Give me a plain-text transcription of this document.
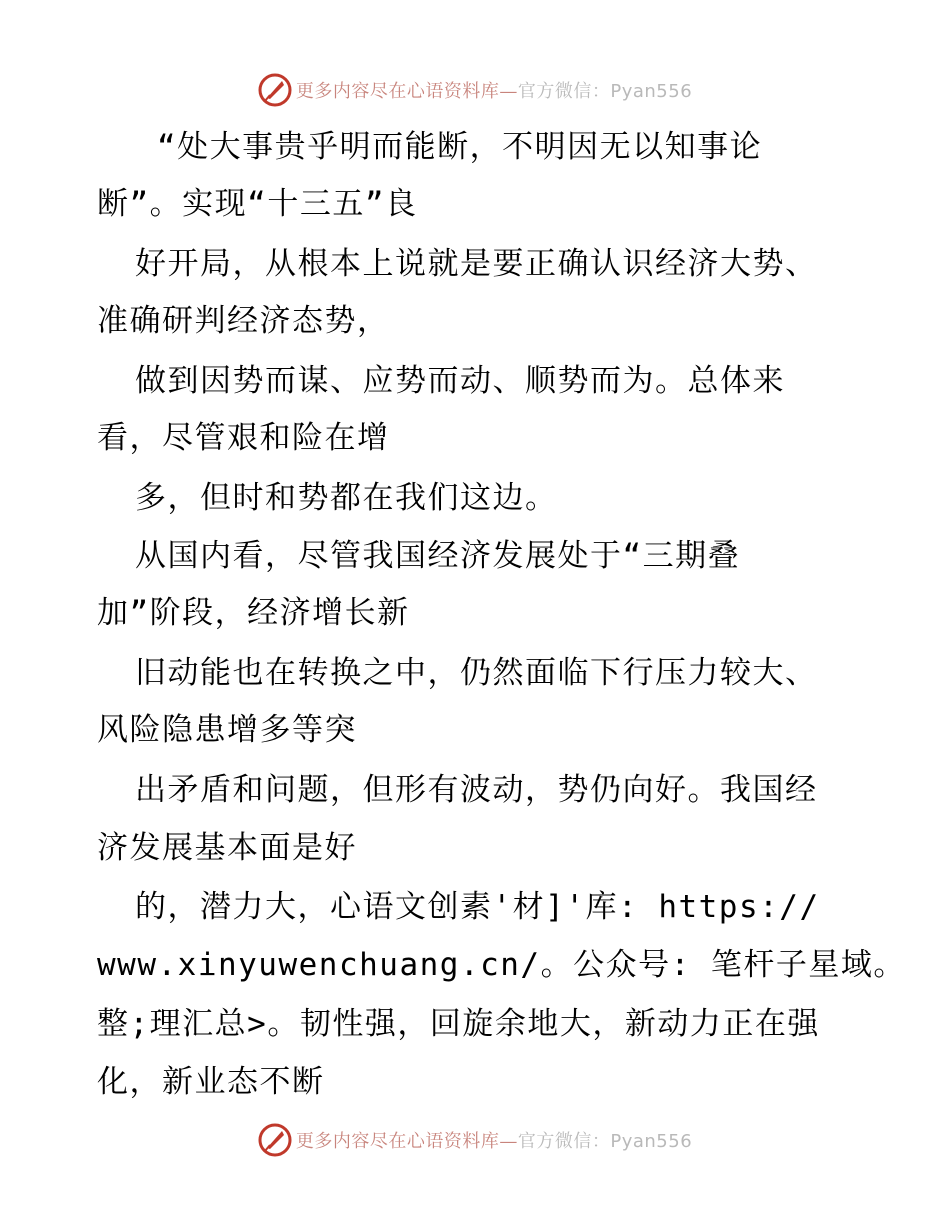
更多内容尽在心语资料库—官方微信：Pyan556
“处大事贵乎明而能断，不明因无以知事论
断”。实现“十三五”良
好开局，从根本上说就是要正确认识经济大势、
准确研判经济态势，
做到因势而谋、应势而动、顺势而为。总体来
看，尽管艰和险在增
多，但时和势都在我们这边。
从国内看，尽管我国经济发展处于“三期叠
加”阶段，经济增长新
旧动能也在转换之中，仍然面临下行压力较大、
风险隐患增多等突
出矛盾和问题，但形有波动，势仍向好。我国经
济发展基本面是好
的，潜力大，心语文创素'材]'库: https://
www.xinyuwenchuang.cn/。公众号: 笔杆子星域。
整;理汇总>。韧性强，回旋余地大，新动力正在强
化，新业态不断
更多内容尽在心语资料库—官方微信：Pyan556
